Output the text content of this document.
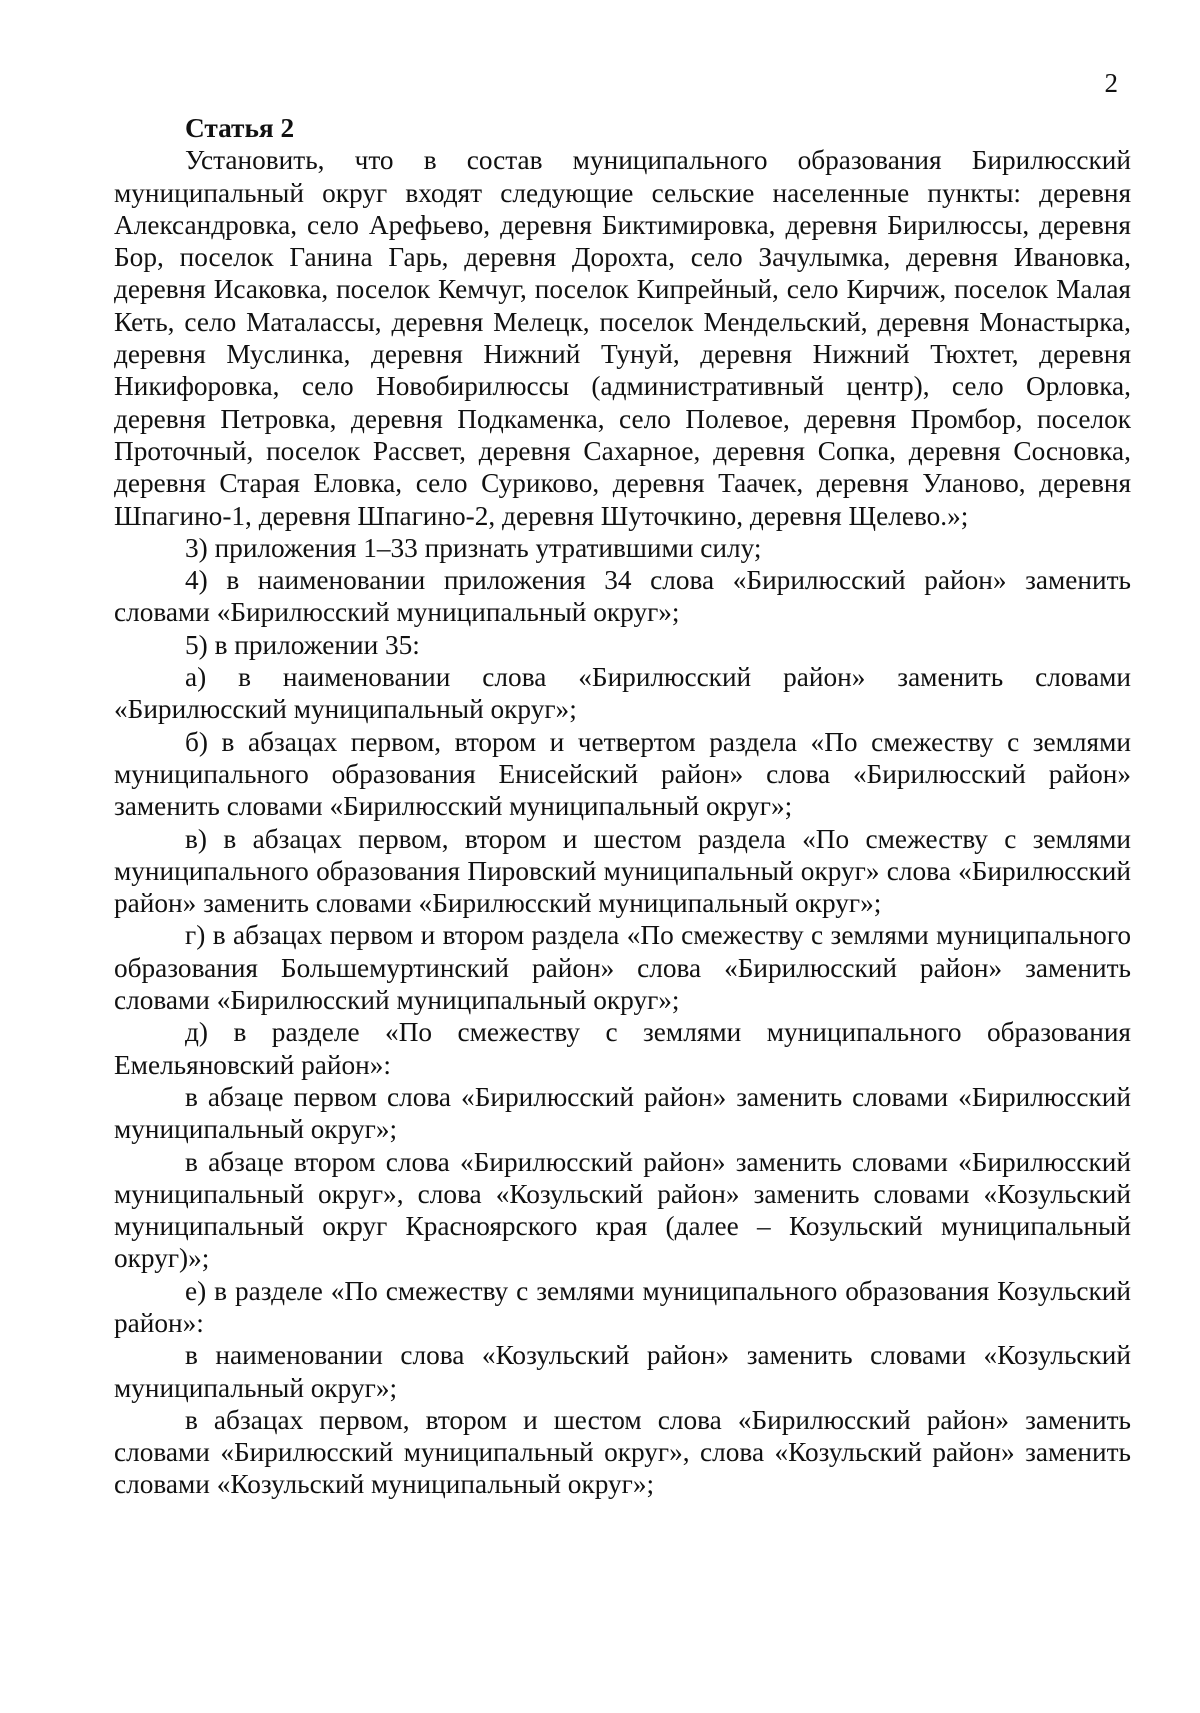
2
Статья 2

Установить, что в состав муниципального образования Бирилюсский муниципальный округ входят следующие сельские населенные пункты: деревня Александровка, село Арефьево, деревня Биктимировка, деревня Бирилюссы, деревня Бор, поселок Ганина Гарь, деревня Дорохта, село Зачулымка, деревня Ивановка, деревня Исаковка, поселок Кемчуг, поселок Кипрейный, село Кирчиж, поселок Малая Кеть, село Маталассы, деревня Мелецк, поселок Мендельский, деревня Монастырка, деревня Муслинка, деревня Нижний Тунуй, деревня Нижний Тюхтет, деревня Никифоровка, село Новобирилюссы (административный центр), село Орловка, деревня Петровка, деревня Подкаменка, село Полевое, деревня Промбор, поселок Проточный, поселок Рассвет, деревня Сахарное, деревня Сопка, деревня Сосновка, деревня Старая Еловка, село Суриково, деревня Таачек, деревня Уланово, деревня Шпагино-1, деревня Шпагино-2, деревня Шуточкино, деревня Щелево.»;

3) приложения 1–33 признать утратившими силу;

4) в наименовании приложения 34 слова «Бирилюсский район» заменить словами «Бирилюсский муниципальный округ»;

5) в приложении 35:

а) в наименовании слова «Бирилюсский район» заменить словами «Бирилюсский муниципальный округ»;

б) в абзацах первом, втором и четвертом раздела «По смежеству с землями муниципального образования Енисейский район» слова «Бирилюсский район» заменить словами «Бирилюсский муниципальный округ»;

в) в абзацах первом, втором и шестом раздела «По смежеству с землями муниципального образования Пировский муниципальный округ» слова «Бирилюсский район» заменить словами «Бирилюсский муниципальный округ»;

г) в абзацах первом и втором раздела «По смежеству с землями муниципального образования Большемуртинский район» слова «Бирилюсский район» заменить словами «Бирилюсский муниципальный округ»;

д) в разделе «По смежеству с землями муниципального образования Емельяновский район»:

в абзаце первом слова «Бирилюсский район» заменить словами «Бирилюсский муниципальный округ»;

в абзаце втором слова «Бирилюсский район» заменить словами «Бирилюсский муниципальный округ», слова «Козульский район» заменить словами «Козульский муниципальный округ Красноярского края (далее – Козульский муниципальный округ)»;

е) в разделе «По смежеству с землями муниципального образования Козульский район»:

в наименовании слова «Козульский район» заменить словами «Козульский муниципальный округ»;

в абзацах первом, втором и шестом слова «Бирилюсский район» заменить словами «Бирилюсский муниципальный округ», слова «Козульский район» заменить словами «Козульский муниципальный округ»;
